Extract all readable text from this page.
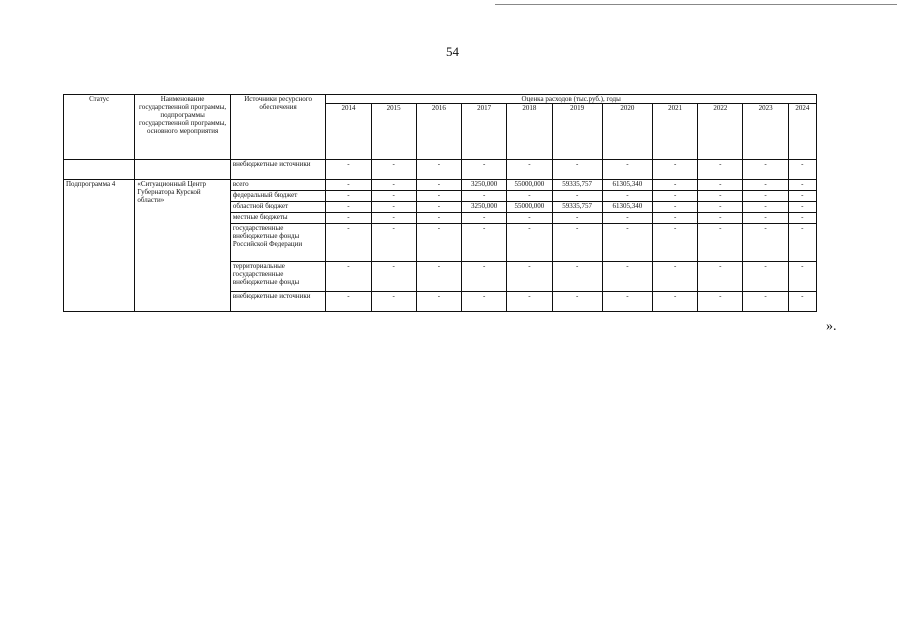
54
Статус	Наименование государственной программы, подпрограммы государственной программы, основного мероприятия	Источники ресурсного обеспечения	Оценка расходов (тыс.руб.), годы										
			2014	2015	2016	2017	2018	2019	2020	2021	2022	2023	2024
		внебюджетные источники	-	-	-	-	-	-	-	-	-	-	-
Подпрограмма 4	«Ситуационный Центр Губернатора Курской области»	всего	-	-	-	3250,000	55000,000	59335,757	61305,340	-	-	-	-
		федеральный бюджет	-	-	-	-	-	-	-	-	-	-	-
		областной бюджет	-	-	-	3250,000	55000,000	59335,757	61305,340	-	-	-	-
		местные бюджеты	-	-	-	-	-	-	-	-	-	-	-
		государственные внебюджетные фонды Российской Федерации	-	-	-	-	-	-	-	-	-	-	-
		территориальные государственные внебюджетные фонды	-	-	-	-	-	-	-	-	-	-	-
		внебюджетные источники	-	-	-	-	-	-	-	-	-	-	-
».
